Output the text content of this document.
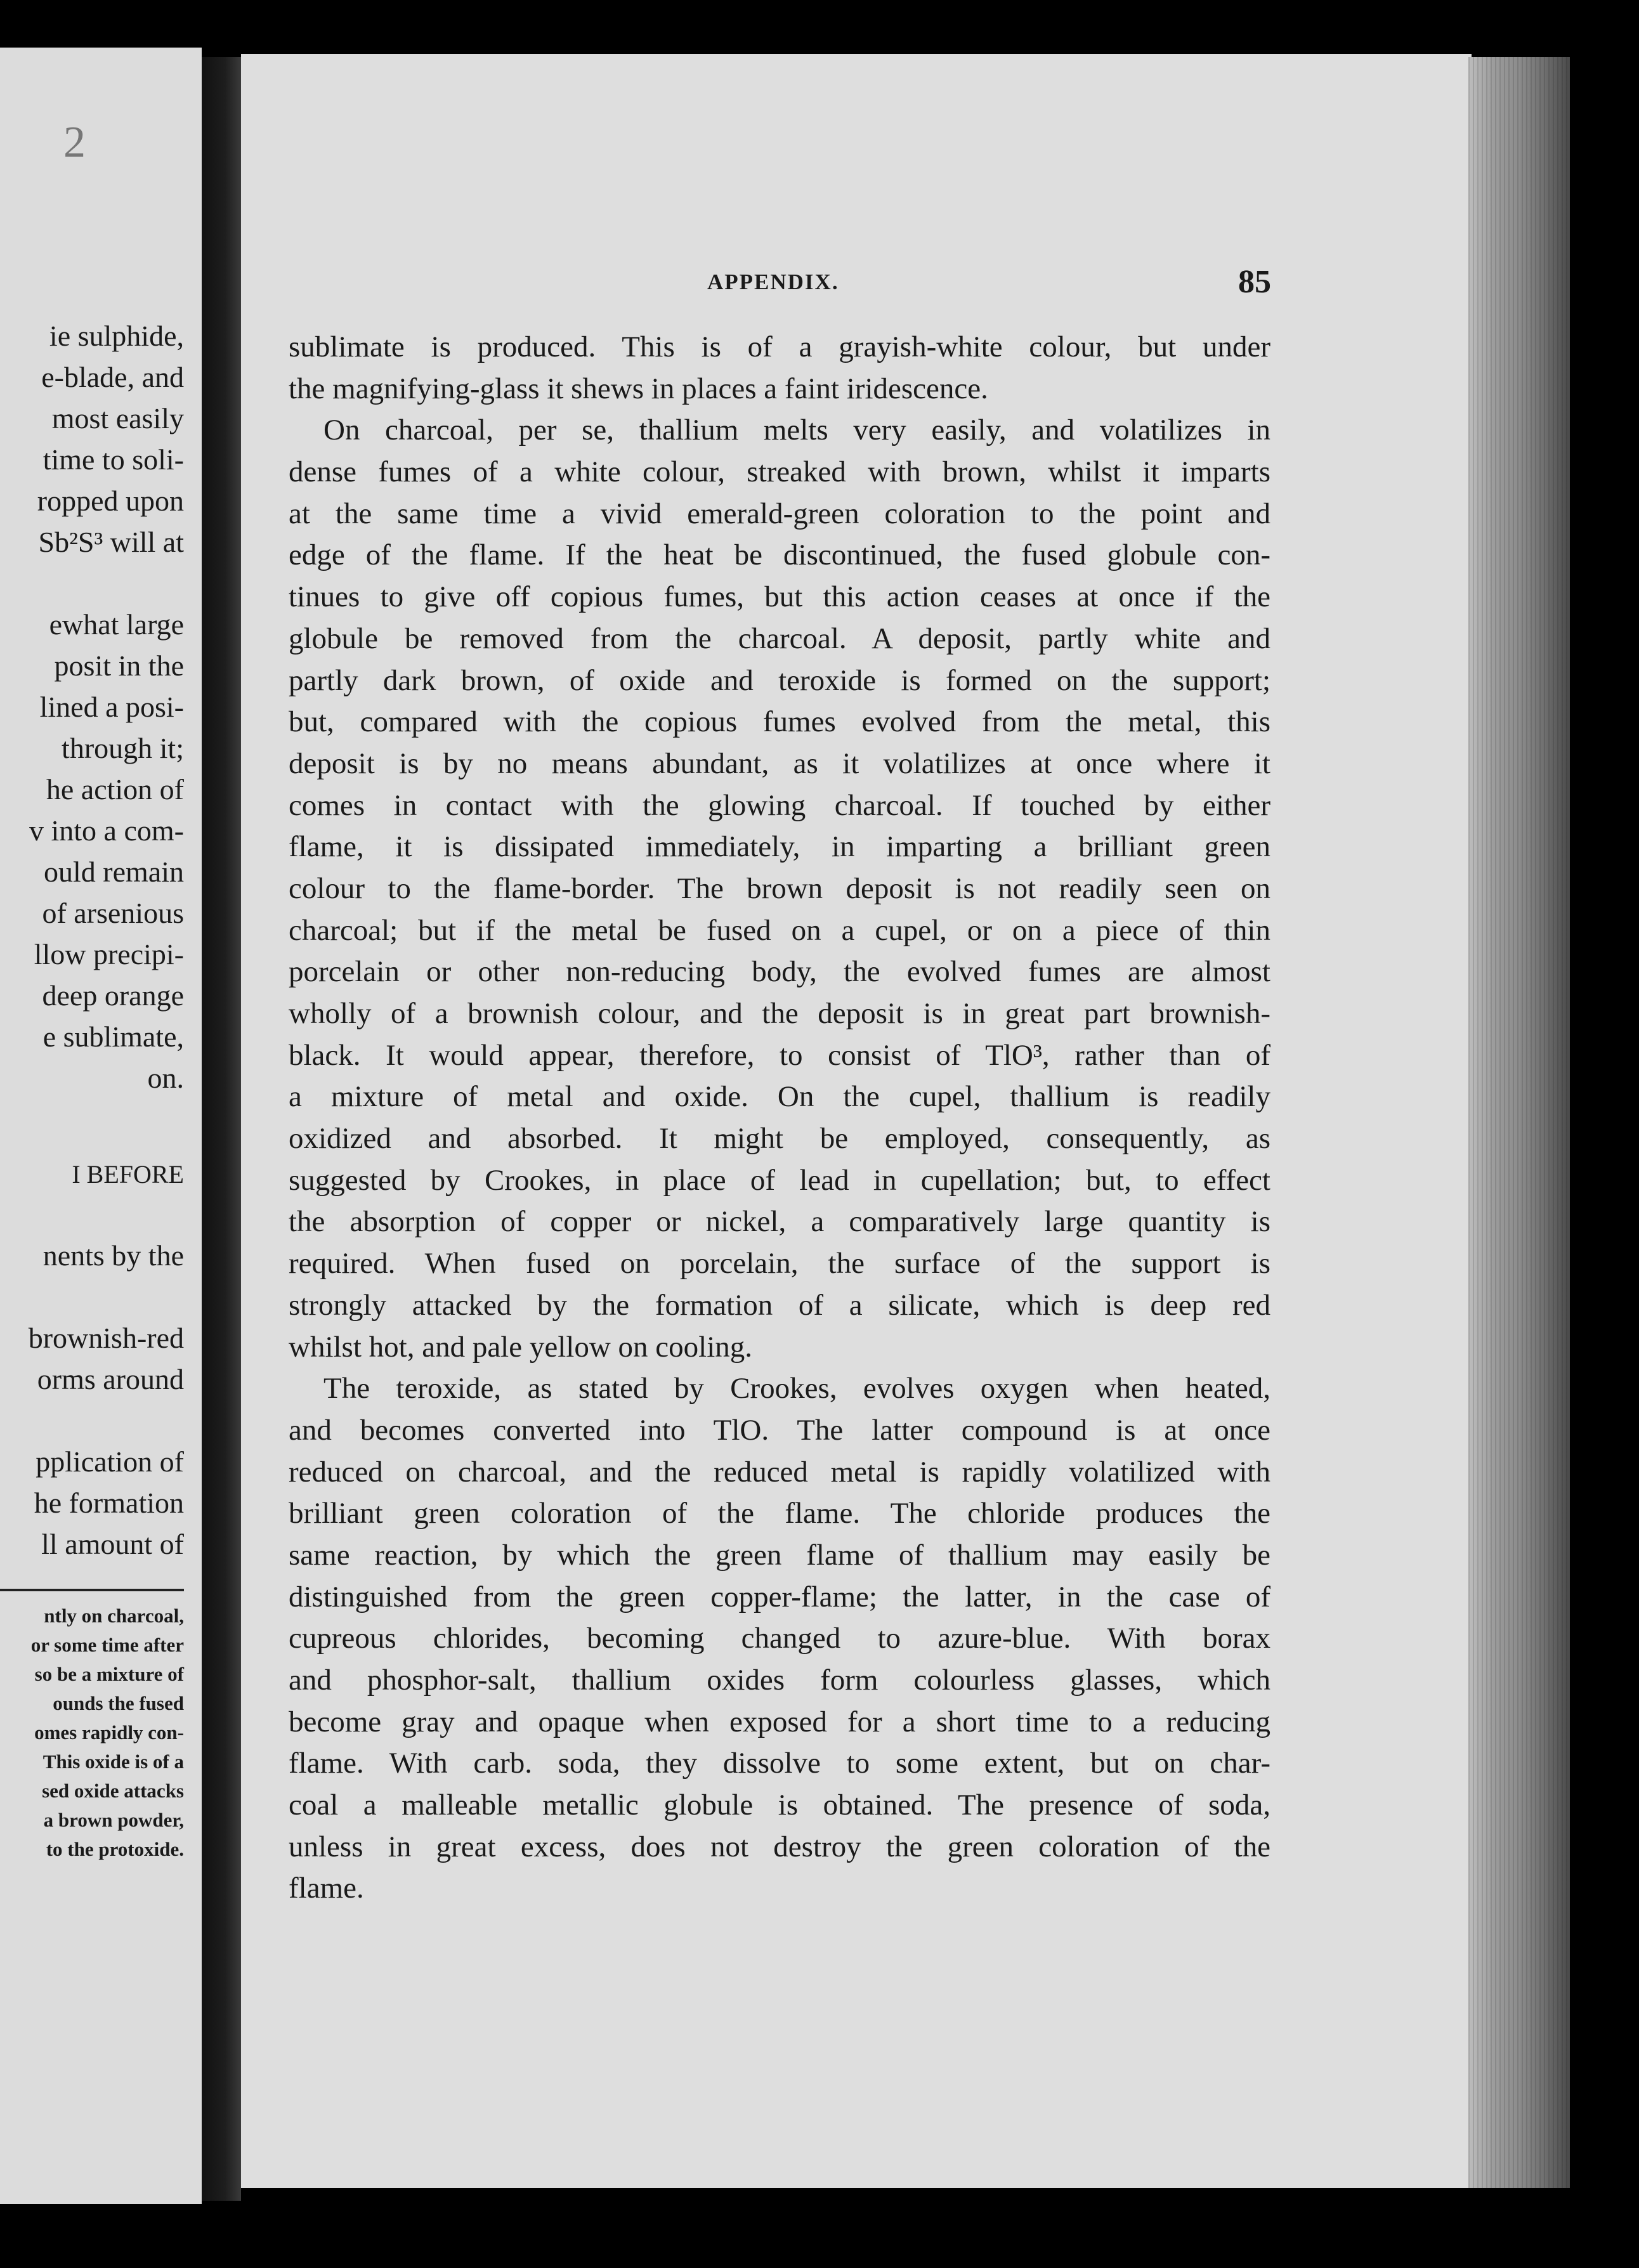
2
ie sulphide,
e-blade, and
most easily
time to soli-
ropped upon
Sb²S³ will at
ewhat large
posit in the
lined a posi-
through it;
he action of
v into a com-
ould remain
of arsenious
llow precipi-
deep orange
e sublimate,
on.
I BEFORE
nents by the
brownish-red
orms around
pplication of
he formation
ll amount of
ntly on charcoal,
or some time after
so be a mixture of
ounds the fused
omes rapidly con-
This oxide is of a
sed oxide attacks
a brown powder,
to the protoxide.
APPENDIX.	85
sublimate is produced. This is of a grayish-white colour, but under
the magnifying-glass it shews in places a faint iridescence.
On charcoal, per se, thallium melts very easily, and volatilizes in
dense fumes of a white colour, streaked with brown, whilst it imparts
at the same time a vivid emerald-green coloration to the point and
edge of the flame. If the heat be discontinued, the fused globule con-
tinues to give off copious fumes, but this action ceases at once if the
globule be removed from the charcoal. A deposit, partly white and
partly dark brown, of oxide and teroxide is formed on the support;
but, compared with the copious fumes evolved from the metal, this
deposit is by no means abundant, as it volatilizes at once where it
comes in contact with the glowing charcoal. If touched by either
flame, it is dissipated immediately, in imparting a brilliant green
colour to the flame-border. The brown deposit is not readily seen on
charcoal; but if the metal be fused on a cupel, or on a piece of thin
porcelain or other non-reducing body, the evolved fumes are almost
wholly of a brownish colour, and the deposit is in great part brownish-
black. It would appear, therefore, to consist of TlO³, rather than of
a mixture of metal and oxide. On the cupel, thallium is readily
oxidized and absorbed. It might be employed, consequently, as
suggested by Crookes, in place of lead in cupellation; but, to effect
the absorption of copper or nickel, a comparatively large quantity is
required. When fused on porcelain, the surface of the support is
strongly attacked by the formation of a silicate, which is deep red
whilst hot, and pale yellow on cooling.
The teroxide, as stated by Crookes, evolves oxygen when heated,
and becomes converted into TlO. The latter compound is at once
reduced on charcoal, and the reduced metal is rapidly volatilized with
brilliant green coloration of the flame. The chloride produces the
same reaction, by which the green flame of thallium may easily be
distinguished from the green copper-flame; the latter, in the case of
cupreous chlorides, becoming changed to azure-blue. With borax
and phosphor-salt, thallium oxides form colourless glasses, which
become gray and opaque when exposed for a short time to a reducing
flame. With carb. soda, they dissolve to some extent, but on char-
coal a malleable metallic globule is obtained. The presence of soda,
unless in great excess, does not destroy the green coloration of the
flame.
